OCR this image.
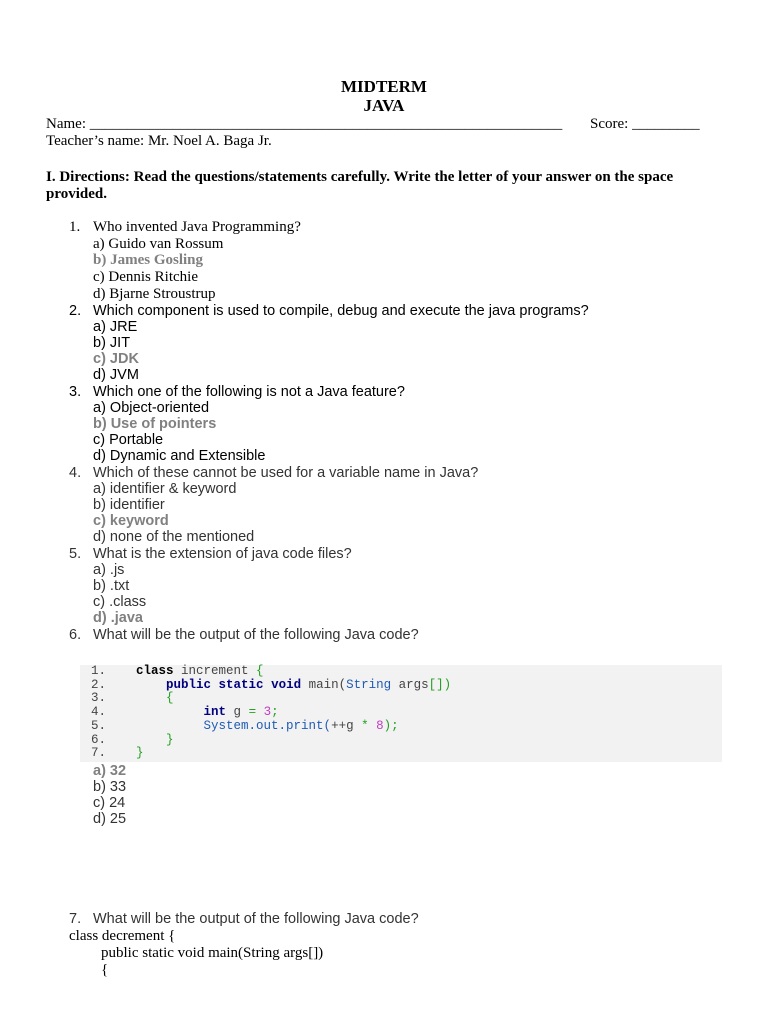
MIDTERM
JAVA
Name: _______________________________________________________________ Score: _________
Teacher’s name: Mr. Noel A. Baga Jr.
I. Directions: Read the questions/statements carefully. Write the letter of your answer on the space
provided.
1. Who invented Java Programming?
a) Guido van Rossum
b) James Gosling
c) Dennis Ritchie
d) Bjarne Stroustrup
2. Which component is used to compile, debug and execute the java programs?
a) JRE
b) JIT
c) JDK
d) JVM
3. Which one of the following is not a Java feature?
a) Object-oriented
b) Use of pointers
c) Portable
d) Dynamic and Extensible
4. Which of these cannot be used for a variable name in Java?
a) identifier & keyword
b) identifier
c) keyword
d) none of the mentioned
5. What is the extension of java code files?
a) .js
b) .txt
c) .class
d) .java
6. What will be the output of the following Java code?
1. class increment {
2.	public static void main(String args[])
3.	{
4.	int g = 3;
5.	System.out.print(++g * 8);
6.	}
7. }
a) 32
b) 33
c) 24
d) 25
7. What will be the output of the following Java code?
class decrement {
public static void main(String args[])
{
